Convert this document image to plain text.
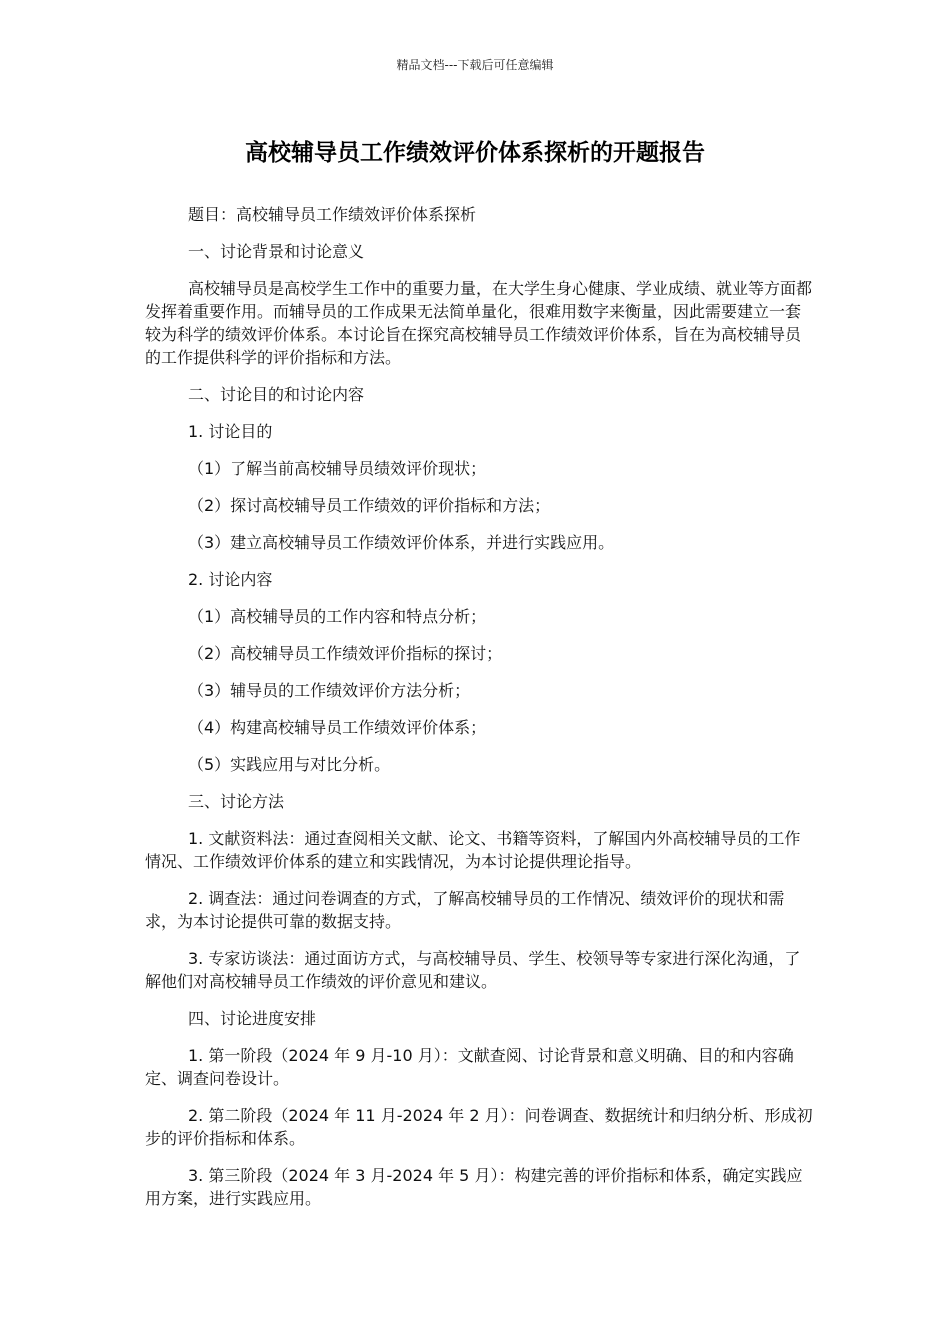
精品文档---下载后可任意编辑
高校辅导员工作绩效评价体系探析的开题报告

题目：高校辅导员工作绩效评价体系探析

一、讨论背景和讨论意义

高校辅导员是高校学生工作中的重要力量，在大学生身心健康、学业成绩、就业等方面都发挥着重要作用。而辅导员的工作成果无法简单量化，很难用数字来衡量，因此需要建立一套较为科学的绩效评价体系。本讨论旨在探究高校辅导员工作绩效评价体系，旨在为高校辅导员的工作提供科学的评价指标和方法。

二、讨论目的和讨论内容

1. 讨论目的

（1）了解当前高校辅导员绩效评价现状；

（2）探讨高校辅导员工作绩效的评价指标和方法；

（3）建立高校辅导员工作绩效评价体系，并进行实践应用。

2. 讨论内容

（1）高校辅导员的工作内容和特点分析；

（2）高校辅导员工作绩效评价指标的探讨；

（3）辅导员的工作绩效评价方法分析；

（4）构建高校辅导员工作绩效评价体系；

（5）实践应用与对比分析。

三、讨论方法

1. 文献资料法：通过查阅相关文献、论文、书籍等资料，了解国内外高校辅导员的工作情况、工作绩效评价体系的建立和实践情况，为本讨论提供理论指导。

2. 调查法：通过问卷调查的方式，了解高校辅导员的工作情况、绩效评价的现状和需求，为本讨论提供可靠的数据支持。

3. 专家访谈法：通过面访方式，与高校辅导员、学生、校领导等专家进行深化沟通，了解他们对高校辅导员工作绩效的评价意见和建议。

四、讨论进度安排

1. 第一阶段（2024 年 9 月-10 月）：文献查阅、讨论背景和意义明确、目的和内容确定、调查问卷设计。

2. 第二阶段（2024 年 11 月-2024 年 2 月）：问卷调查、数据统计和归纳分析、形成初步的评价指标和体系。

3. 第三阶段（2024 年 3 月-2024 年 5 月）：构建完善的评价指标和体系，确定实践应用方案，进行实践应用。
